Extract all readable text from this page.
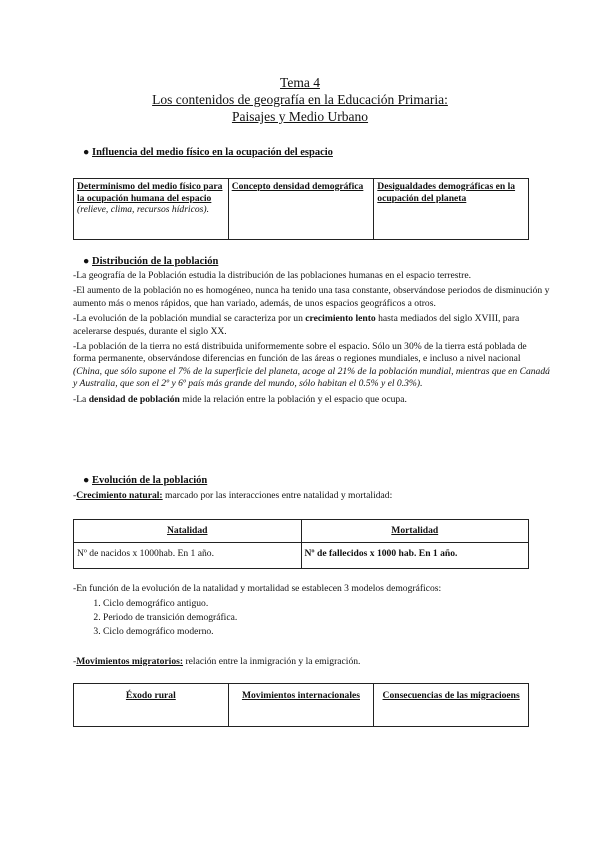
Tema 4
Los contenidos de geografía en la Educación Primaria:
Paisajes y Medio Urbano
● Influencia del medio físico en la ocupación del espacio
Determinismo del medio físico para la ocupación humana del espacio (relieve, clima, recursos hídricos).	Concepto densidad demográfica	Desigualdades demográficas en la ocupación del planeta
● Distribución de la población

-La geografía de la Población estudia la distribución de las poblaciones humanas en el espacio terrestre.

-El aumento de la población no es homogéneo, nunca ha tenido una tasa constante, observándose periodos de disminución y aumento más o menos rápidos, que han variado, además, de unos espacios geográficos a otros.

-La evolución de la población mundial se caracteriza por un crecimiento lento hasta mediados del siglo XVIII, para acelerarse después, durante el siglo XX.

-La población de la tierra no está distribuida uniformemente sobre el espacio. Sólo un 30% de la tierra está poblada de forma permanente, observándose diferencias en función de las áreas o regiones mundiales, e incluso a nivel nacional (China, que sólo supone el 7% de la superficie del planeta, acoge al 21% de la población mundial, mientras que en Canadá y Australia, que son el 2º y 6º país más grande del mundo, sólo habitan el 0.5% y el 0.3%).

-La densidad de población mide la relación entre la población y el espacio que ocupa.

● Evolución de la población
-Crecimiento natural: marcado por las interacciones entre natalidad y mortalidad:
Natalidad	Mortalidad
Nº de nacidos x 1000hab. En 1 año.	Nº de fallecidos x 1000 hab. En 1 año.
-En función de la evolución de la natalidad y mortalidad se establecen 3 modelos demográficos:
1. Ciclo demográfico antiguo.
2. Periodo de transición demográfica.
3. Ciclo demográfico moderno.
-Movimientos migratorios: relación entre la inmigración y la emigración.
Éxodo rural	Movimientos internacionales	Consecuencias de las migracioens
